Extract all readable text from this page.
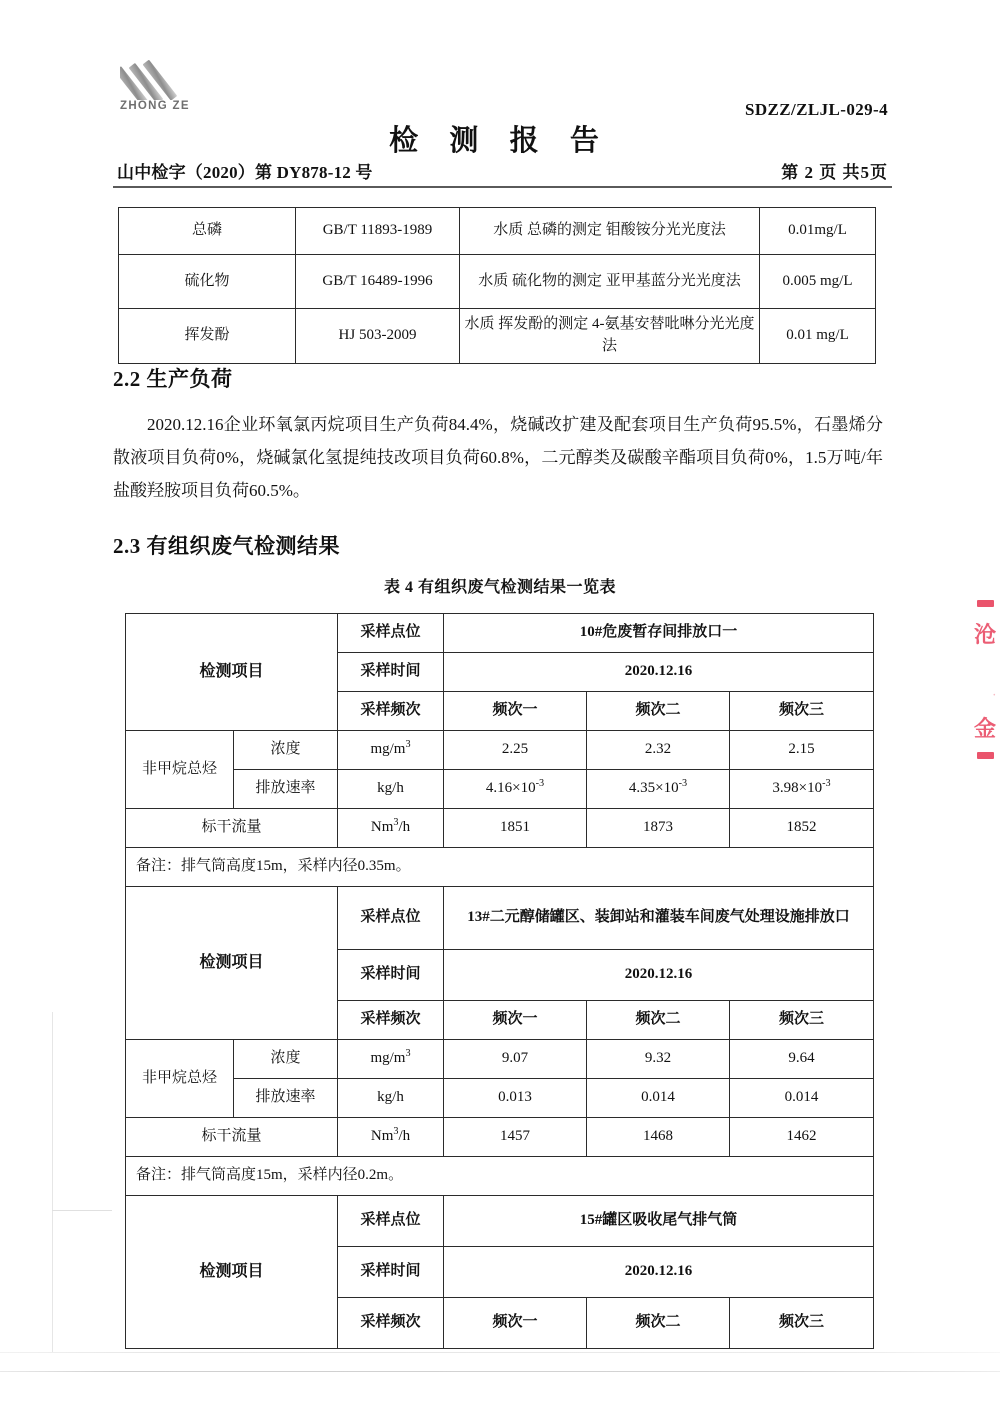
ZHONG ZE	SDZZ/ZLJL-029-4
检 测 报 告
山中检字（2020）第 DY878-12 号	第 2 页 共5页
总磷	GB/T 11893-1989	水质 总磷的测定 钼酸铵分光光度法	0.01mg/L
硫化物	GB/T 16489-1996	水质 硫化物的测定 亚甲基蓝分光光度法	0.005 mg/L
挥发酚	HJ 503-2009	水质 挥发酚的测定 4-氨基安替吡啉分光光度法	0.01 mg/L
2.2 生产负荷
2020.12.16企业环氧氯丙烷项目生产负荷84.4%，烧碱改扩建及配套项目生产负荷95.5%，石墨烯分散液项目负荷0%，烧碱氯化氢提纯技改项目负荷60.8%，二元醇类及碳酸辛酯项目负荷0%，1.5万吨/年盐酸羟胺项目负荷60.5%。
2.3 有组织废气检测结果
表 4 有组织废气检测结果一览表
检测项目		采样点位	10#危废暂存间排放口一		
		采样时间	2020.12.16		
		采样频次	频次一	频次二	频次三
非甲烷总烃	浓度	$mg/m^3$	2.25	2.32	2.15
	排放速率	kg/h	$4.16\times 10^{-3}$	$4.35\times 10^{-3}$	$3.98\times 10^{-3}$
标干流量		Nm$^3$/h	1851	1873	1852
备注：排气筒高度15m，采样内径0.35m。					
检测项目		采样点位	13#二元醇储罐区、装卸站和灌装车间废气处理设施排放口		
		采样时间	2020.12.16		
		采样频次	频次一	频次二	频次三
非甲烷总烃	浓度	$mg/m^3$	9.07	9.32	9.64
	排放速率	kg/h	0.013	0.014	0.014
标干流量		Nm$^3$/h	1457	1468	1462
备注：排气筒高度15m，采样内径0.2m。					
检测项目		采样点位	15#罐区吸收尾气排气筒		
		采样时间	2020.12.16		
		采样频次	频次一	频次二	频次三
沧
·
金
